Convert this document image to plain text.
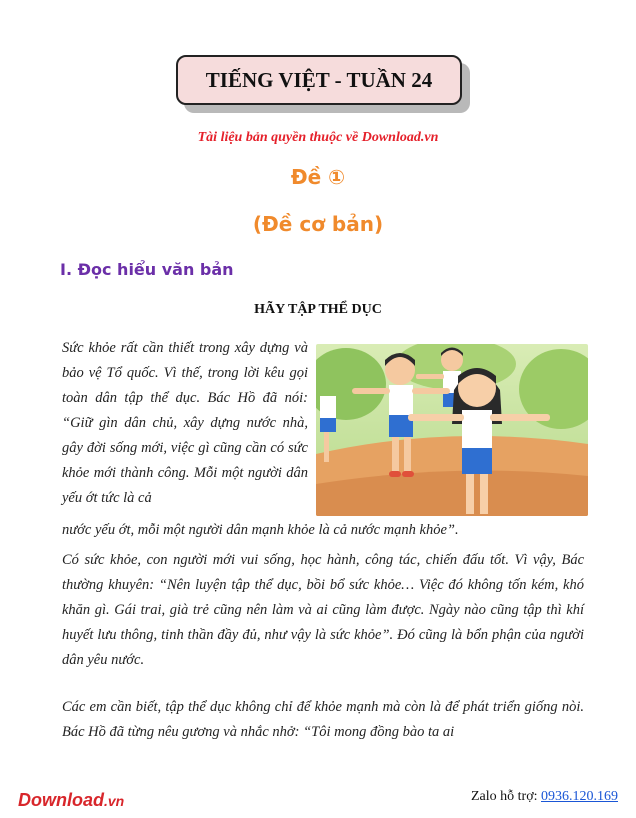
TIẾNG VIỆT - TUẦN 24
Tài liệu bản quyền thuộc về Download.vn
Đề ①
(Đề cơ bản)
I. Đọc hiểu văn bản
HÃY TẬP THỂ DỤC
Sức khỏe rất cần thiết trong xây dựng và bảo vệ Tổ quốc. Vì thế, trong lời kêu gọi toàn dân tập thể dục. Bác Hồ đã nói: “Giữ gìn dân chủ, xây dựng nước nhà, gây đời sống mới, việc gì cũng cần có sức khỏe mới thành công. Mỗi một người dân yếu ớt tức là cả
nước yếu ớt, mỗi một người dân mạnh khỏe là cả nước mạnh khỏe”.
Có sức khỏe, con người mới vui sống, học hành, công tác, chiến đấu tốt. Vì vậy, Bác thường khuyên: “Nên luyện tập thể dục, bồi bổ sức khỏe… Việc đó không tốn kém, khó khăn gì. Gái trai, già trẻ cũng nên làm và ai cũng làm được. Ngày nào cũng tập thì khí huyết lưu thông, tinh thần đầy đủ, như vậy là sức khỏe”. Đó cũng là bổn phận của người dân yêu nước.
Các em cần biết, tập thể dục không chỉ để khỏe mạnh mà còn là để phát triển giống nòi. Bác Hồ đã từng nêu gương và nhắc nhở: “Tôi mong đồng bào ta ai
Download.vn	Zalo hỗ trợ: 0936.120.169
